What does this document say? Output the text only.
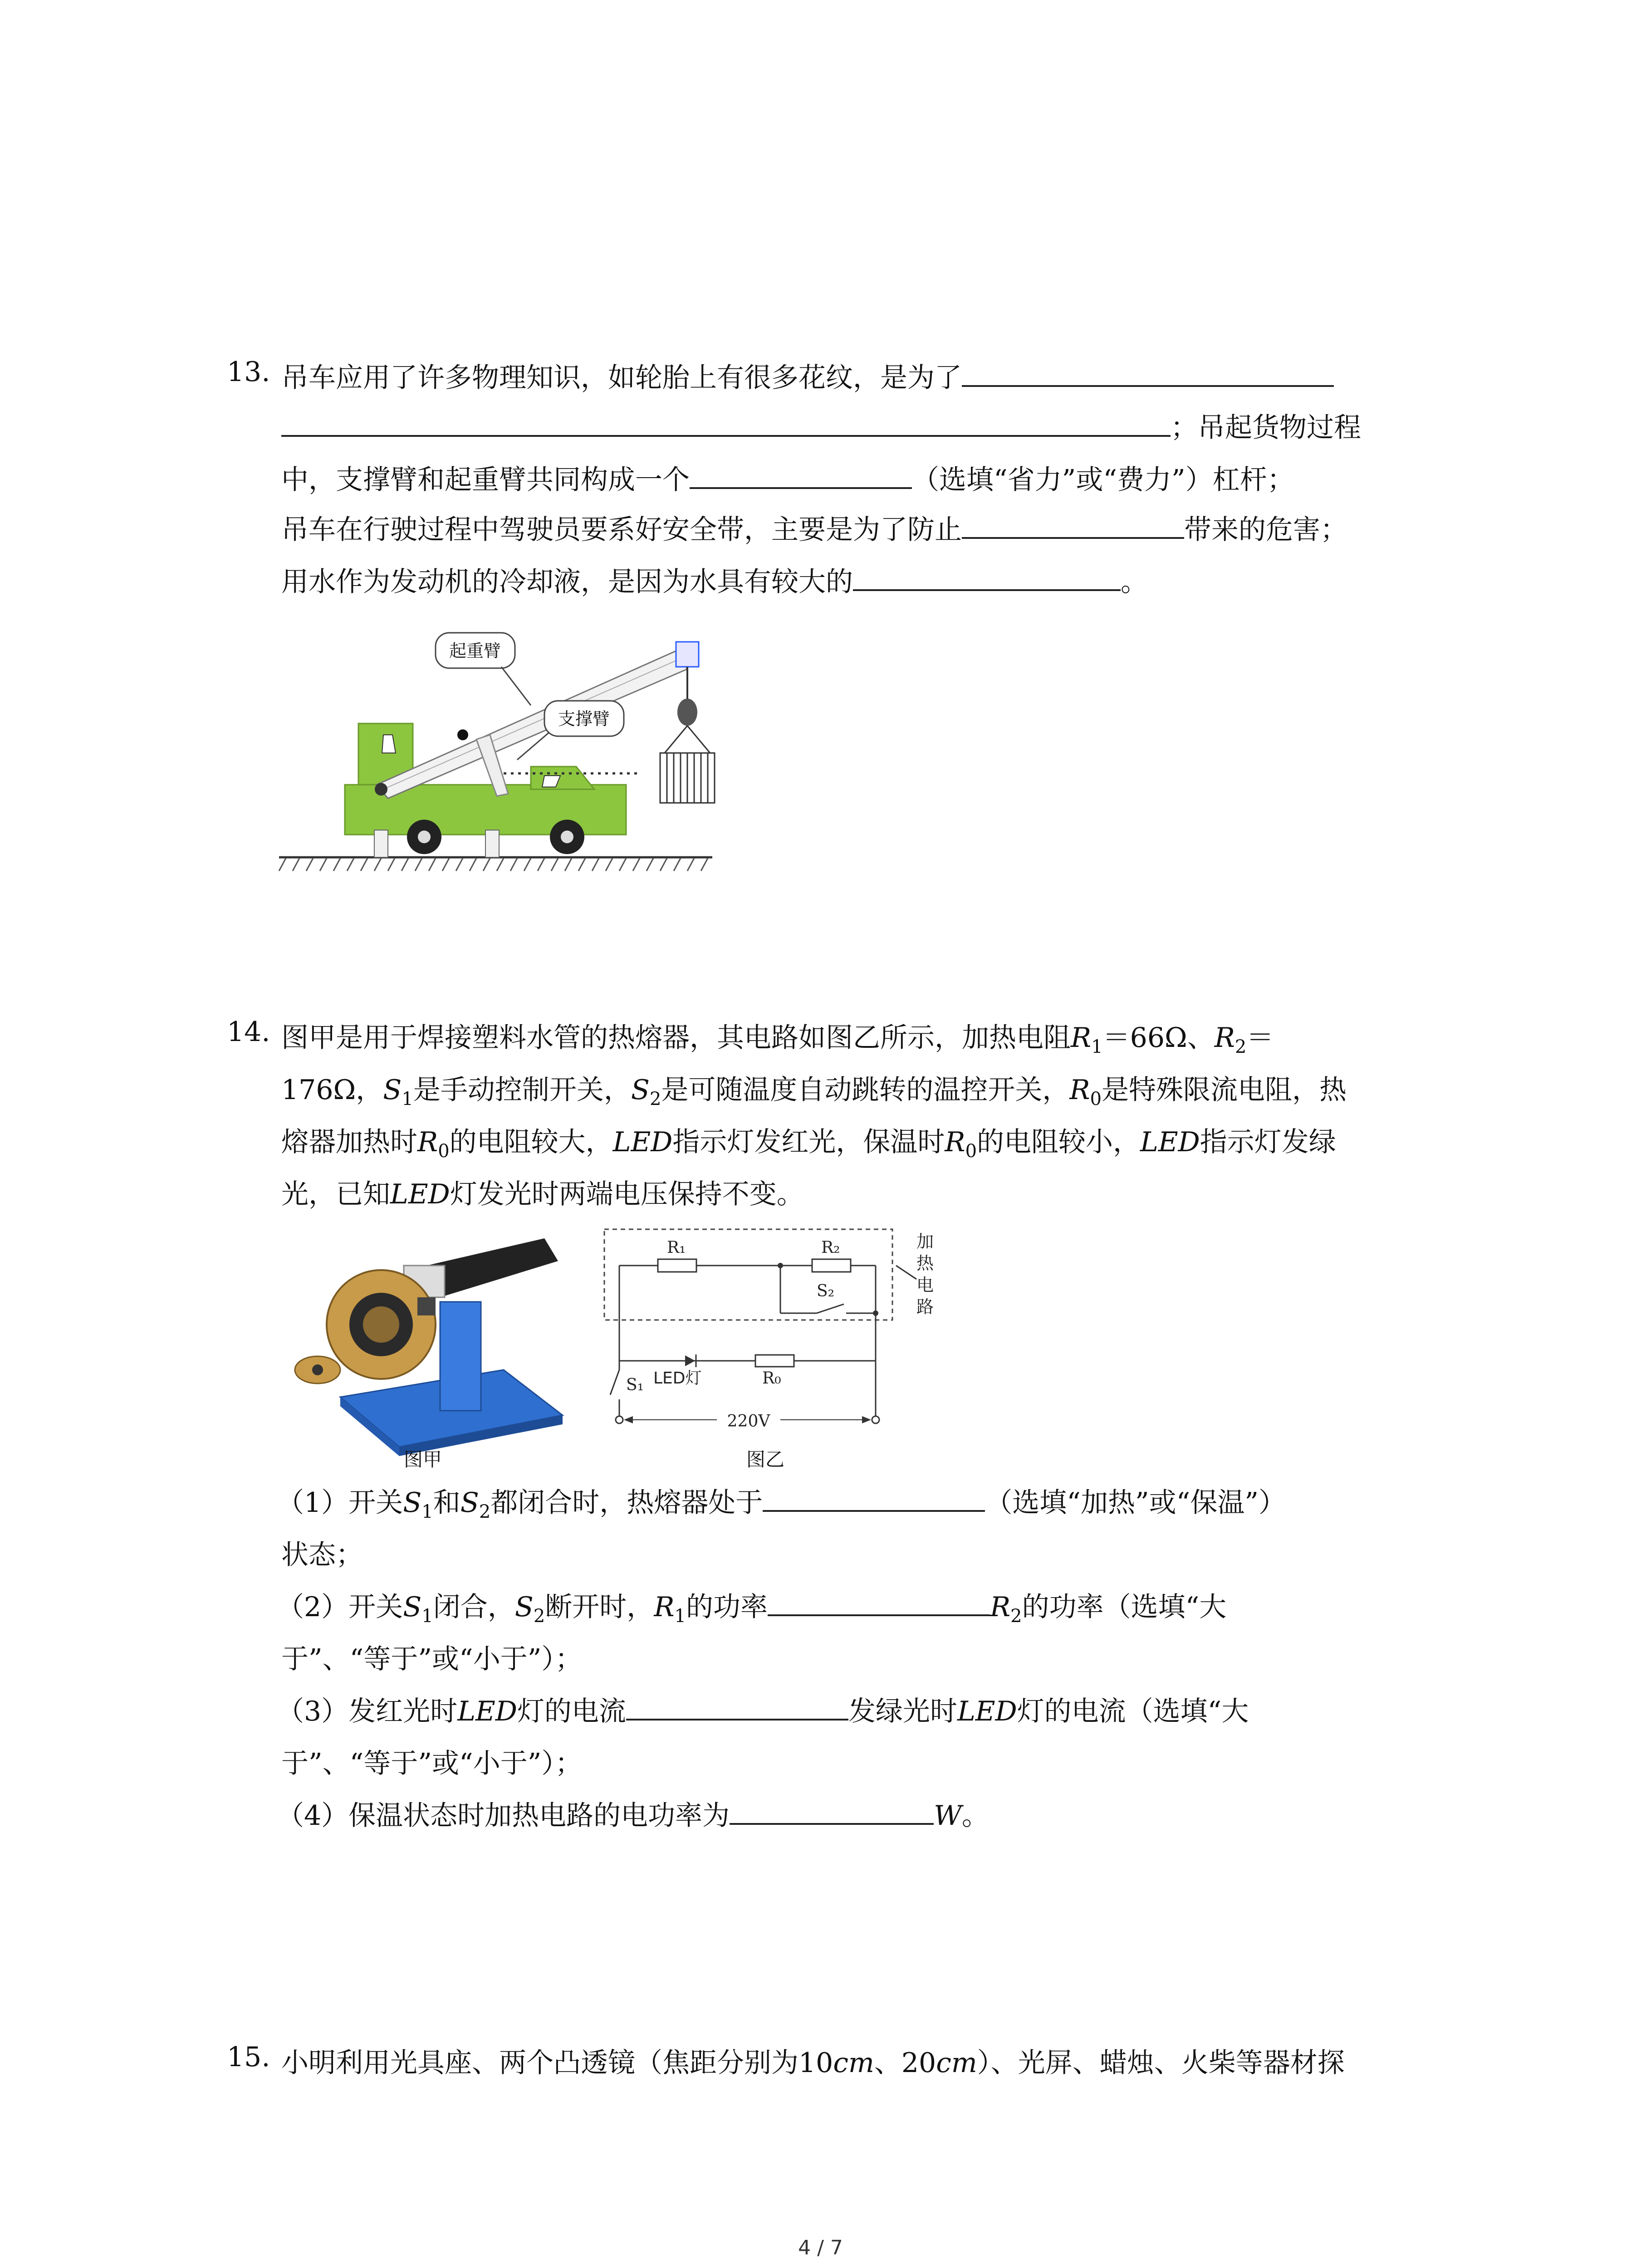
13. 吊车应用了许多物理知识，如轮胎上有很多花纹，是为了
；吊起货物过程
中，支撑臂和起重臂共同构成一个	（选填“省力”或“费力”）杠杆；
吊车在行驶过程中驾驶员要系好安全带，主要是为了防止	带来的危害；
用水作为发动机的冷却液，是因为水具有较大的	。
起重臂
支撑臂
14. 图甲是用于焊接塑料水管的热熔器，其电路如图乙所示，加热电阻$R_1=66\Omega$、$R_2=$
176Ω，$S_1$是手动控制开关，$S_2$是可随温度自动跳转的温控开关，$R_0$是特殊限流电阻，热
熔器加热时$R_0$的电阻较大，LED指示灯发红光，保温时$R_0$的电阻较小，LED指示灯发绿
光，已知LED灯发光时两端电压保持不变。
图甲
R₁	R₂
S₂
S₁	R₀
220V
LED灯
加
热
电
路
图乙
（1）开关$S_1$和$S_2$都闭合时，热熔器处于	（选填“加热”或“保温”）
状态；
（2）开关$S_1$闭合，$S_2$断开时，$R_1$的功率	$R_2$的功率（选填“大
于”、“等于”或“小于”）；
（3）发红光时LED灯的电流	发绿光时LED灯的电流（选填“大
于”、“等于”或“小于”）；
（4）保温状态时加热电路的电功率为	W。
15. 小明利用光具座、两个凸透镜（焦距分别为10cm、20cm）、光屏、蜡烛、火柴等器材探
4 / 7
